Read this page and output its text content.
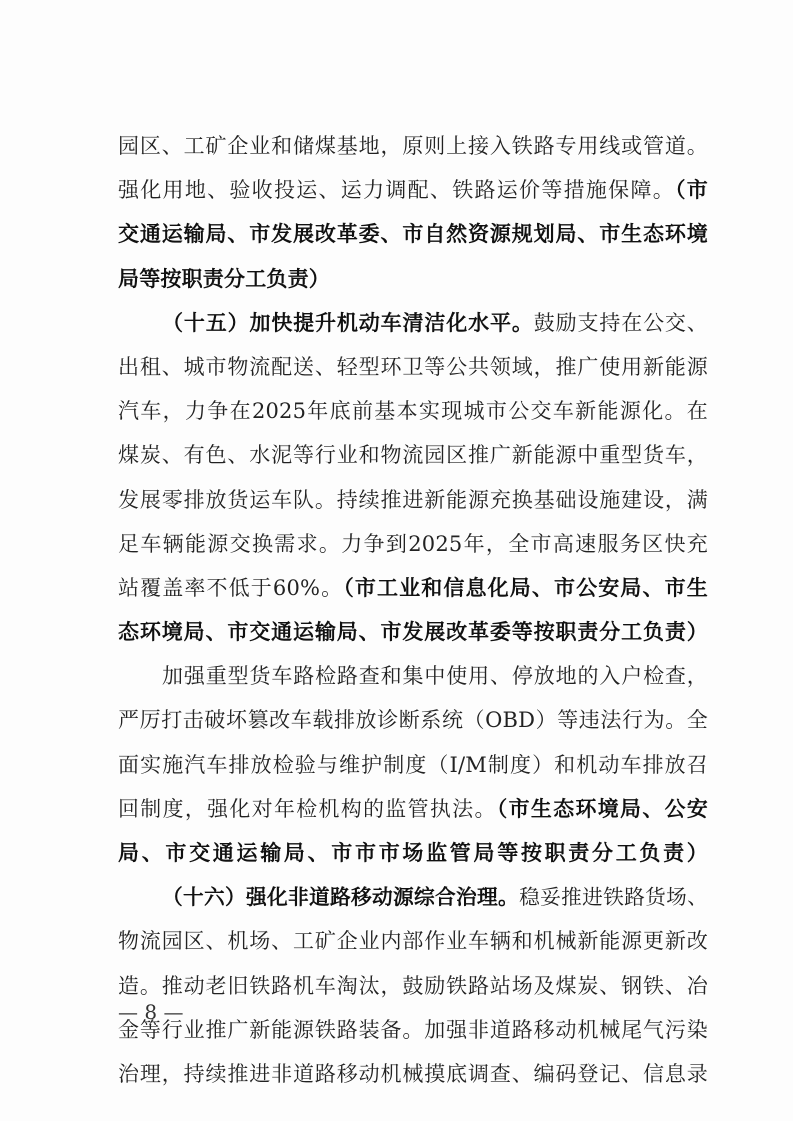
园区、工矿企业和储煤基地，原则上接入铁路专用线或管道。
强化用地、验收投运、运力调配、铁路运价等措施保障。（市
交通运输局、市发展改革委、市自然资源规划局、市生态环境
局等按职责分工负责）
（十五）加快提升机动车清洁化水平。鼓励支持在公交、
出租、城市物流配送、轻型环卫等公共领域，推广使用新能源
汽车，力争在2025年底前基本实现城市公交车新能源化。在
煤炭、有色、水泥等行业和物流园区推广新能源中重型货车，
发展零排放货运车队。持续推进新能源充换基础设施建设，满
足车辆能源交换需求。力争到2025年，全市高速服务区快充
站覆盖率不低于60%。（市工业和信息化局、市公安局、市生
态环境局、市交通运输局、市发展改革委等按职责分工负责）
加强重型货车路检路查和集中使用、停放地的入户检查，
严厉打击破坏篡改车载排放诊断系统（OBD）等违法行为。全
面实施汽车排放检验与维护制度（I/M制度）和机动车排放召
回制度，强化对年检机构的监管执法。（市生态环境局、公安
局、市交通运输局、市市市场监管局等按职责分工负责）
（十六）强化非道路移动源综合治理。稳妥推进铁路货场、
物流园区、机场、工矿企业内部作业车辆和机械新能源更新改
造。推动老旧铁路机车淘汰，鼓励铁路站场及煤炭、钢铁、冶
金等行业推广新能源铁路装备。加强非道路移动机械尾气污染
治理，持续推进非道路移动机械摸底调查、编码登记、信息录
— 8 —
